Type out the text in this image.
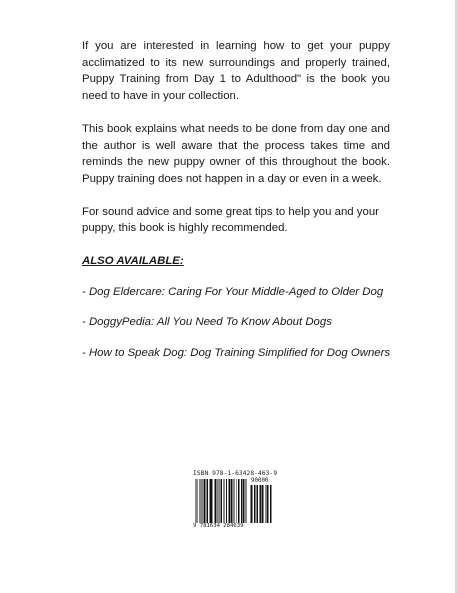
If you are interested in learning how to get your puppy acclimatized to its new surroundings and properly trained, Puppy Training from Day 1 to Adulthood" is the book you need to have in your collection.

This book explains what needs to be done from day one and the author is well aware that the process takes time and reminds the new puppy owner of this throughout the book. Puppy training does not happen in a day or even in a week.

For sound advice and some great tips to help you and your puppy, this book is highly recommended.

ALSO AVAILABLE:

- Dog Eldercare: Caring For Your Middle-Aged to Older Dog

- DoggyPedia: All You Need To Know About Dogs

- How to Speak Dog: Dog Training Simplified for Dog Owners

ISBN 978-1-63428-463-9
90000
9 781634 284639
